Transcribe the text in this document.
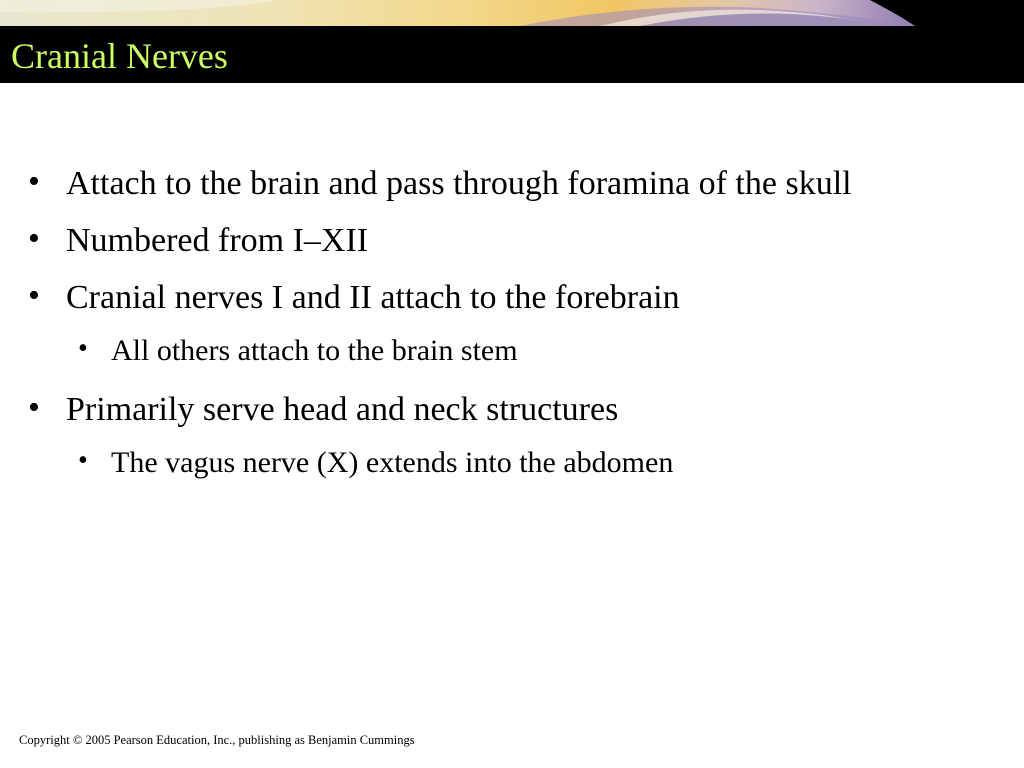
Cranial Nerves
• Attach to the brain and pass through foramina of the skull
• Numbered from I–XII
• Cranial nerves I and II attach to the forebrain
• All others attach to the brain stem
• Primarily serve head and neck structures
• The vagus nerve (X) extends into the abdomen
Copyright © 2005 Pearson Education, Inc., publishing as Benjamin Cummings
